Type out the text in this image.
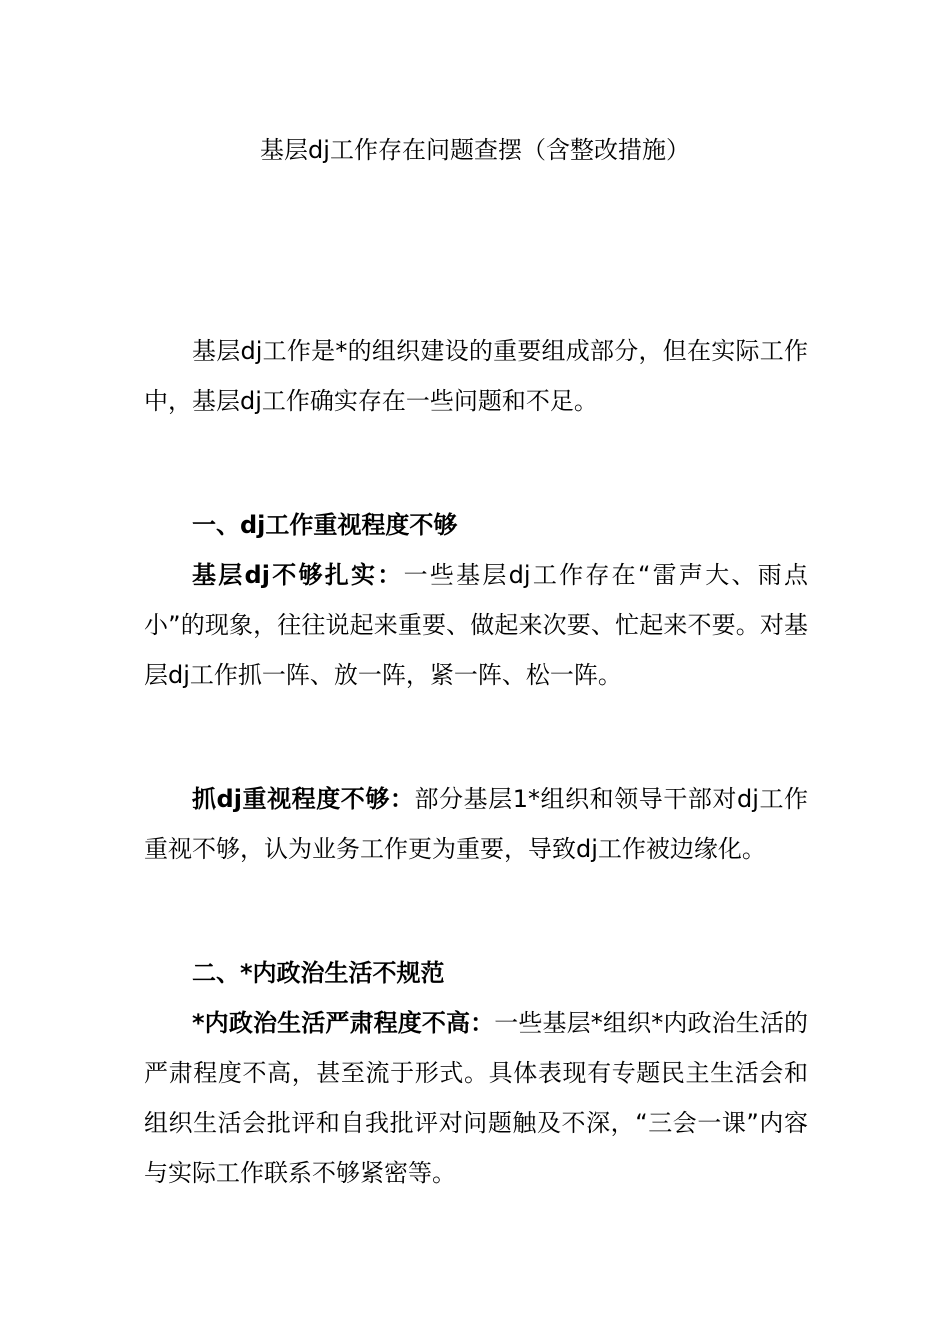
基层dj工作存在问题查摆（含整改措施）

基层dj工作是*的组织建设的重要组成部分，但在实际工作中，基层dj工作确实存在一些问题和不足。

一、dj工作重视程度不够

基层dj不够扎实：一些基层dj工作存在“雷声大、雨点小”的现象，往往说起来重要、做起来次要、忙起来不要。对基层dj工作抓一阵、放一阵，紧一阵、松一阵。

抓dj重视程度不够：部分基层1*组织和领导干部对dj工作重视不够，认为业务工作更为重要，导致dj工作被边缘化。

二、*内政治生活不规范

*内政治生活严肃程度不高：一些基层*组织*内政治生活的严肃程度不高，甚至流于形式。具体表现有专题民主生活会和组织生活会批评和自我批评对问题触及不深，“三会一课”内容与实际工作联系不够紧密等。
